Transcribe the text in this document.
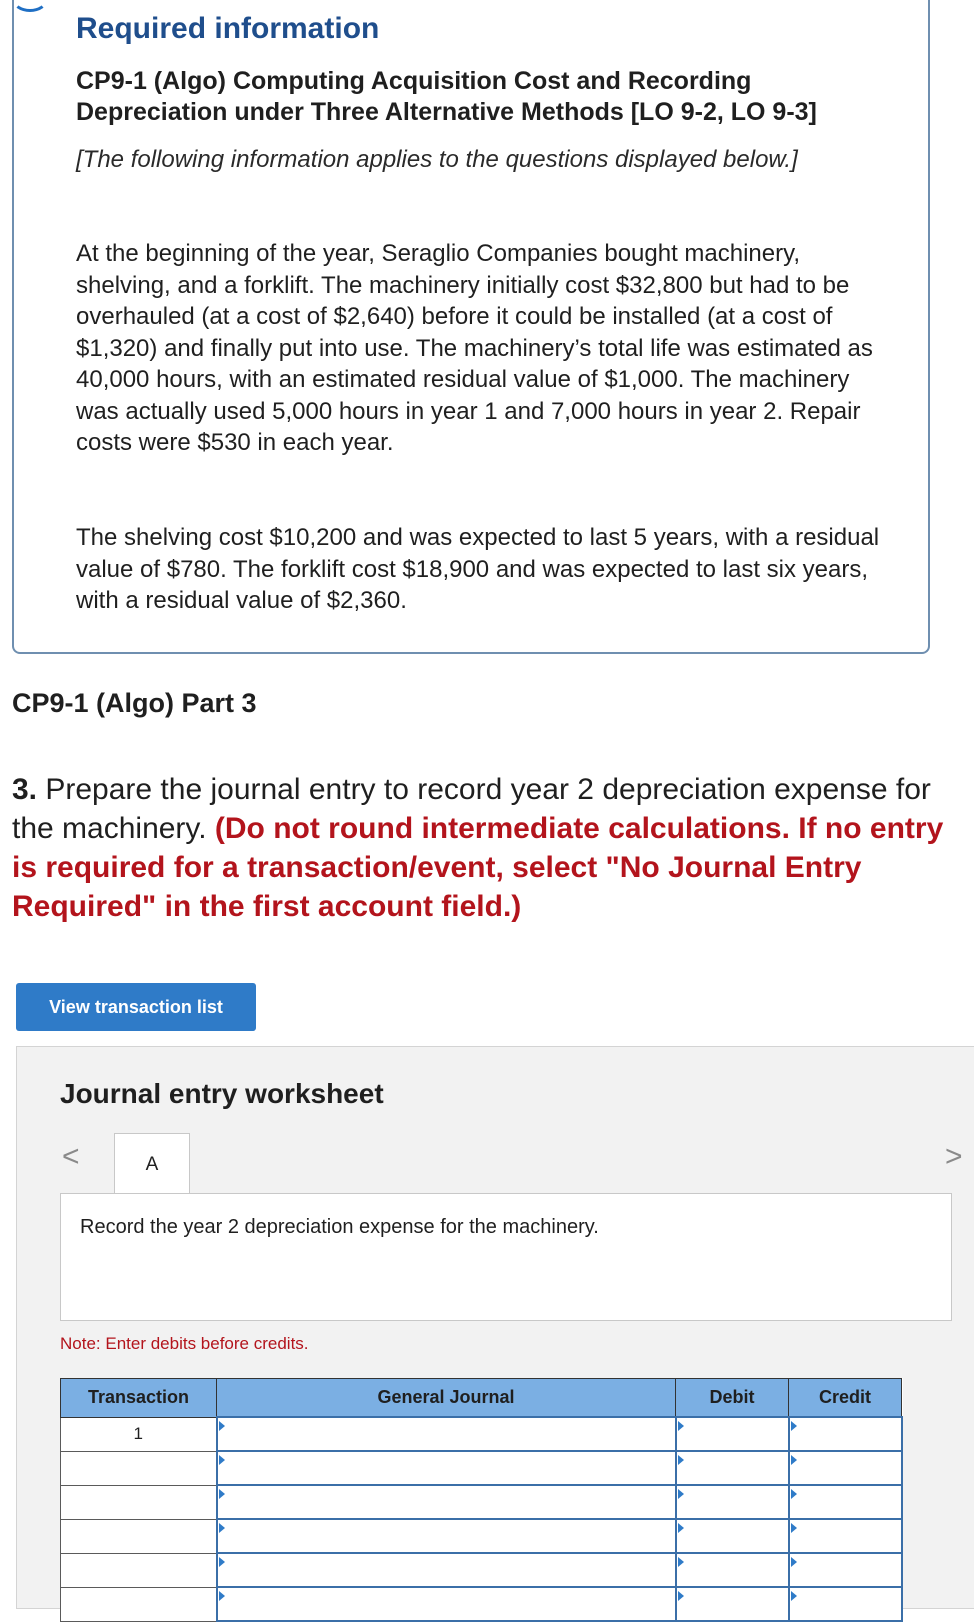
Required information
CP9-1 (Algo) Computing Acquisition Cost and Recording Depreciation under Three Alternative Methods [LO 9-2, LO 9-3]
[The following information applies to the questions displayed below.]
At the beginning of the year, Seraglio Companies bought machinery, shelving, and a forklift. The machinery initially cost $32,800 but had to be overhauled (at a cost of $2,640) before it could be installed (at a cost of $1,320) and finally put into use. The machinery’s total life was estimated as 40,000 hours, with an estimated residual value of $1,000. The machinery was actually used 5,000 hours in year 1 and 7,000 hours in year 2. Repair costs were $530 in each year.
The shelving cost $10,200 and was expected to last 5 years, with a residual value of $780. The forklift cost $18,900 and was expected to last six years, with a residual value of $2,360.
CP9-1 (Algo) Part 3
3. Prepare the journal entry to record year 2 depreciation expense for the machinery. (Do not round intermediate calculations. If no entry is required for a transaction/event, select "No Journal Entry Required" in the first account field.)
View transaction list
Journal entry worksheet
<	>
A
Record the year 2 depreciation expense for the machinery.
Note: Enter debits before credits.
Transaction	General Journal	Debit	Credit
1			
